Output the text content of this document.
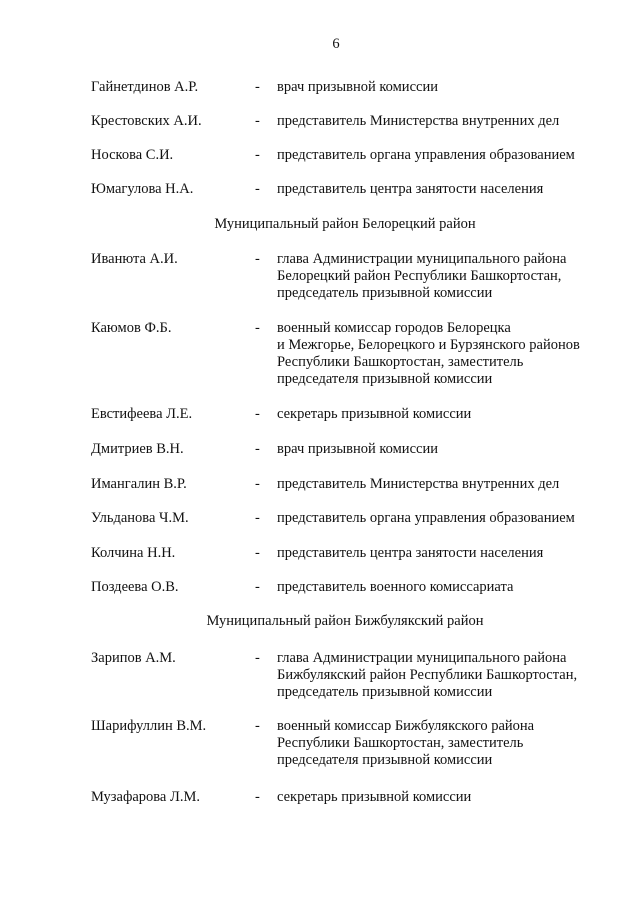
6
Гайнетдинов А.Р.	- врач призывной комиссии
Крестовских А.И.	- представитель Министерства внутренних дел
Носкова С.И.	- представитель органа управления образованием
Юмагулова Н.А.	- представитель центра занятости населения
Муниципальный район Белорецкий район
Иванюта А.И.	- глава Администрации муниципального района
Белорецкий район Республики Башкортостан,
председатель призывной комиссии
Каюмов Ф.Б.	- военный комиссар городов Белорецка
и Межгорье, Белорецкого и Бурзянского районов
Республики Башкортостан, заместитель
председателя призывной комиссии
Евстифеева Л.Е.	- секретарь призывной комиссии
Дмитриев В.Н.	- врач призывной комиссии
Имангалин В.Р.	- представитель Министерства внутренних дел
Ульданова Ч.М.	- представитель органа управления образованием
Колчина Н.Н.	- представитель центра занятости населения
Поздеева О.В.	- представитель военного комиссариата
Муниципальный район Бижбулякский район
Зарипов А.М.	- глава Администрации муниципального района
Бижбулякский район Республики Башкортостан,
председатель призывной комиссии
Шарифуллин В.М.	- военный комиссар Бижбулякского района
Республики Башкортостан, заместитель
председателя призывной комиссии
Музафарова Л.М.	- секретарь призывной комиссии
